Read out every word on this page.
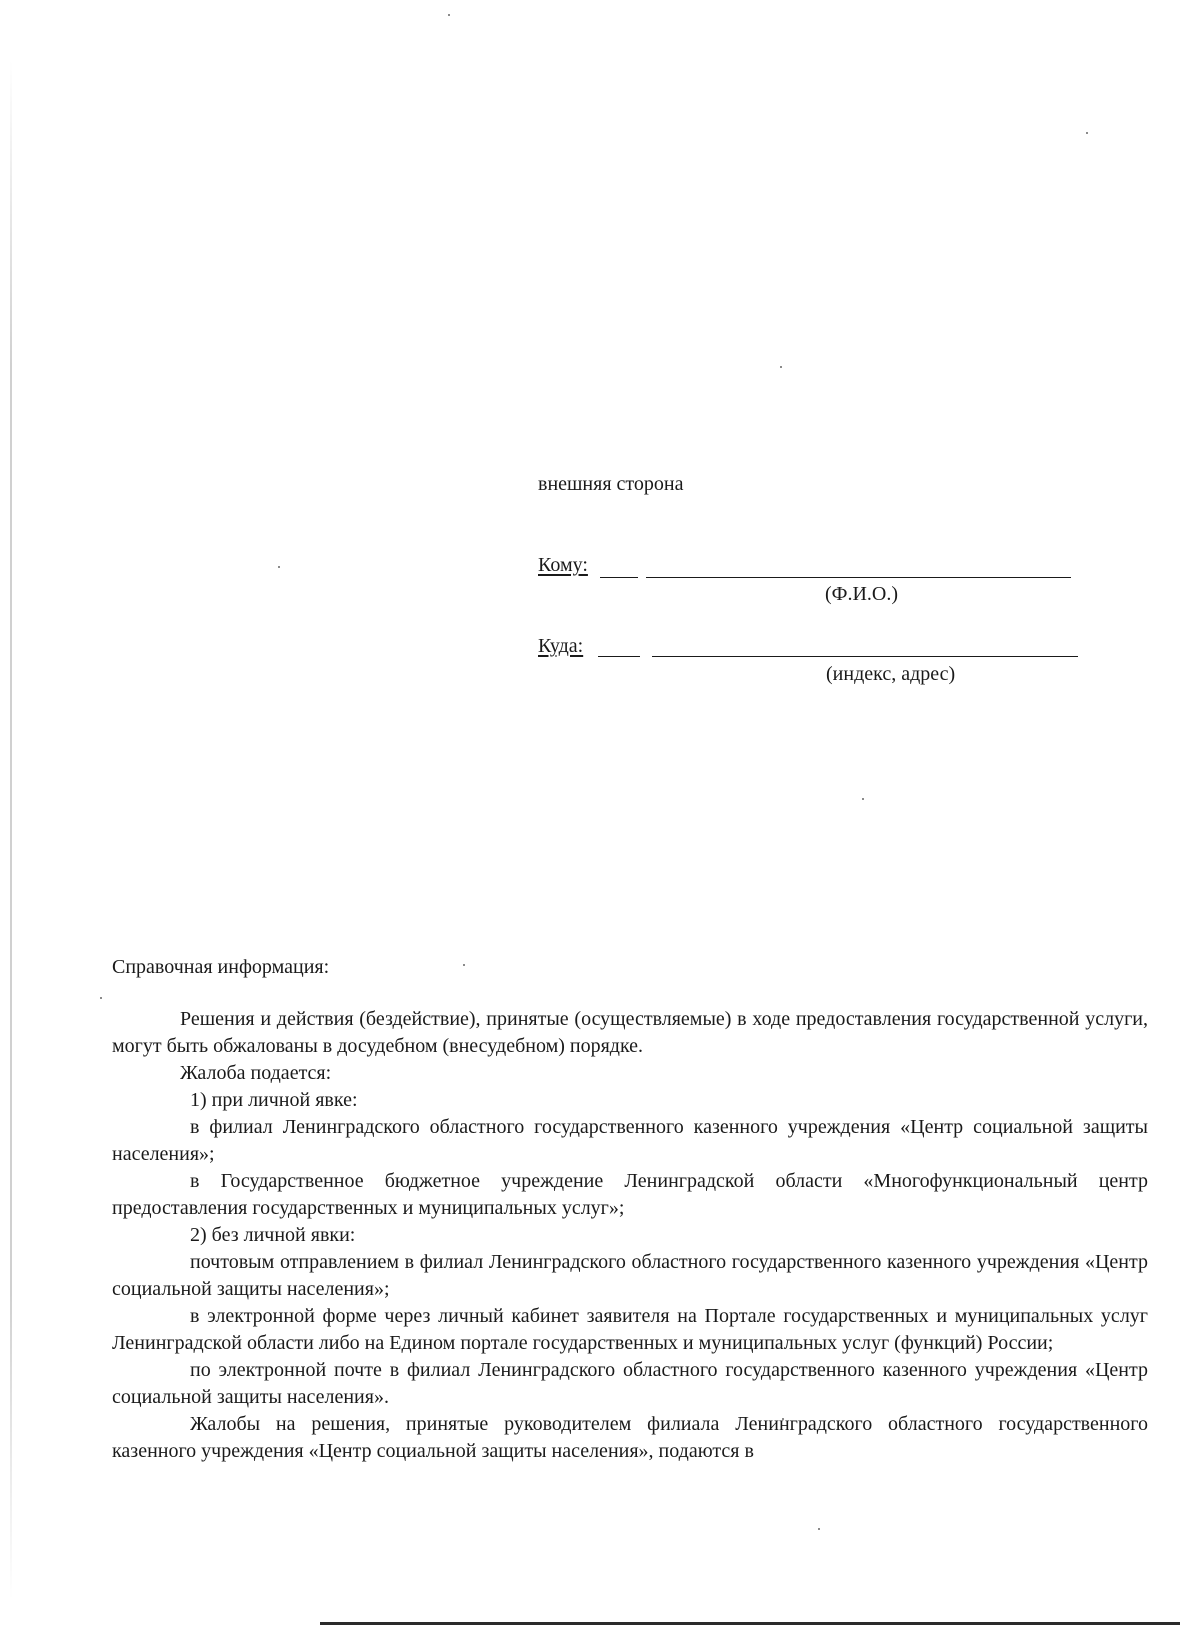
внешняя сторона
Кому:
(Ф.И.О.)
Куда:
(индекс, адрес)
Справочная информация:

Решения и действия (бездействие), принятые (осуществляемые) в ходе предоставления государственной услуги, могут быть обжалованы в досудебном (внесудебном) порядке.

Жалоба подается:

1) при личной явке:

в филиал Ленинградского областного государственного казенного учреждения «Центр социальной защиты населения»;

в Государственное бюджетное учреждение Ленинградской области «Многофункциональный центр предоставления государственных и муниципальных услуг»;

2) без личной явки:

почтовым отправлением в филиал Ленинградского областного государственного казенного учреждения «Центр социальной защиты населения»;

в электронной форме через личный кабинет заявителя на Портале государственных и муниципальных услуг Ленинградской области либо на Едином портале государственных и муниципальных услуг (функций) России;

по электронной почте в филиал Ленинградского областного государственного казенного учреждения «Центр социальной защиты населения».

Жалобы на решения, принятые руководителем филиала Ленинградского областного государственного казенного учреждения «Центр социальной защиты населения», подаются в
